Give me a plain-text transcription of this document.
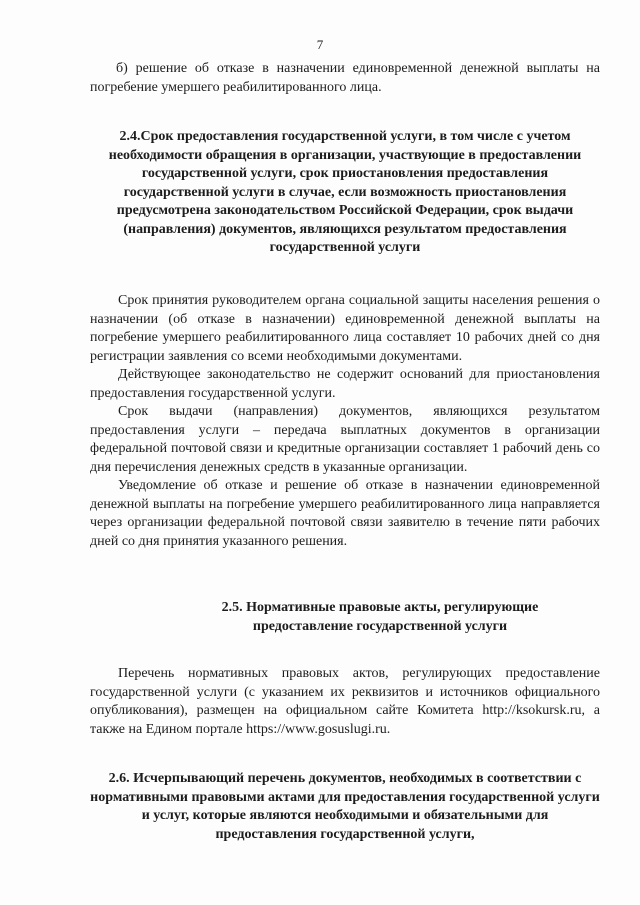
7

б) решение об отказе в назначении единовременной денежной выплаты на погребение умершего реабилитированного лица.

2.4.Срок предоставления государственной услуги, в том числе с учетом необходимости обращения в организации, участвующие в предоставлении государственной услуги, срок приостановления предоставления государственной услуги в случае, если возможность приостановления предусмотрена законодательством Российской Федерации, срок выдачи (направления) документов, являющихся результатом предоставления государственной услуги

Срок принятия руководителем органа социальной защиты населения решения о назначении (об отказе в назначении) единовременной денежной выплаты на погребение умершего реабилитированного лица составляет 10 рабочих дней со дня регистрации заявления со всеми необходимыми документами.

Действующее законодательство не содержит оснований для приостановления предоставления государственной услуги.

Срок выдачи (направления) документов, являющихся результатом предоставления услуги – передача выплатных документов в организации федеральной почтовой связи и кредитные организации составляет 1 рабочий день со дня перечисления денежных средств в указанные организации.

Уведомление об отказе и решение об отказе в назначении единовременной денежной выплаты на погребение умершего реабилитированного лица направляется через организации федеральной почтовой связи заявителю в течение пяти рабочих дней со дня принятия указанного решения.

2.5. Нормативные правовые акты, регулирующие предоставление государственной услуги

Перечень нормативных правовых актов, регулирующих предоставление государственной услуги (с указанием их реквизитов и источников официального опубликования), размещен на официальном сайте Комитета http://ksokursk.ru, а также на Едином портале https://www.gosuslugi.ru.

2.6. Исчерпывающий перечень документов, необходимых в соответствии с нормативными правовыми актами для предоставления государственной услуги и услуг, которые являются необходимыми и обязательными для предоставления государственной услуги,
